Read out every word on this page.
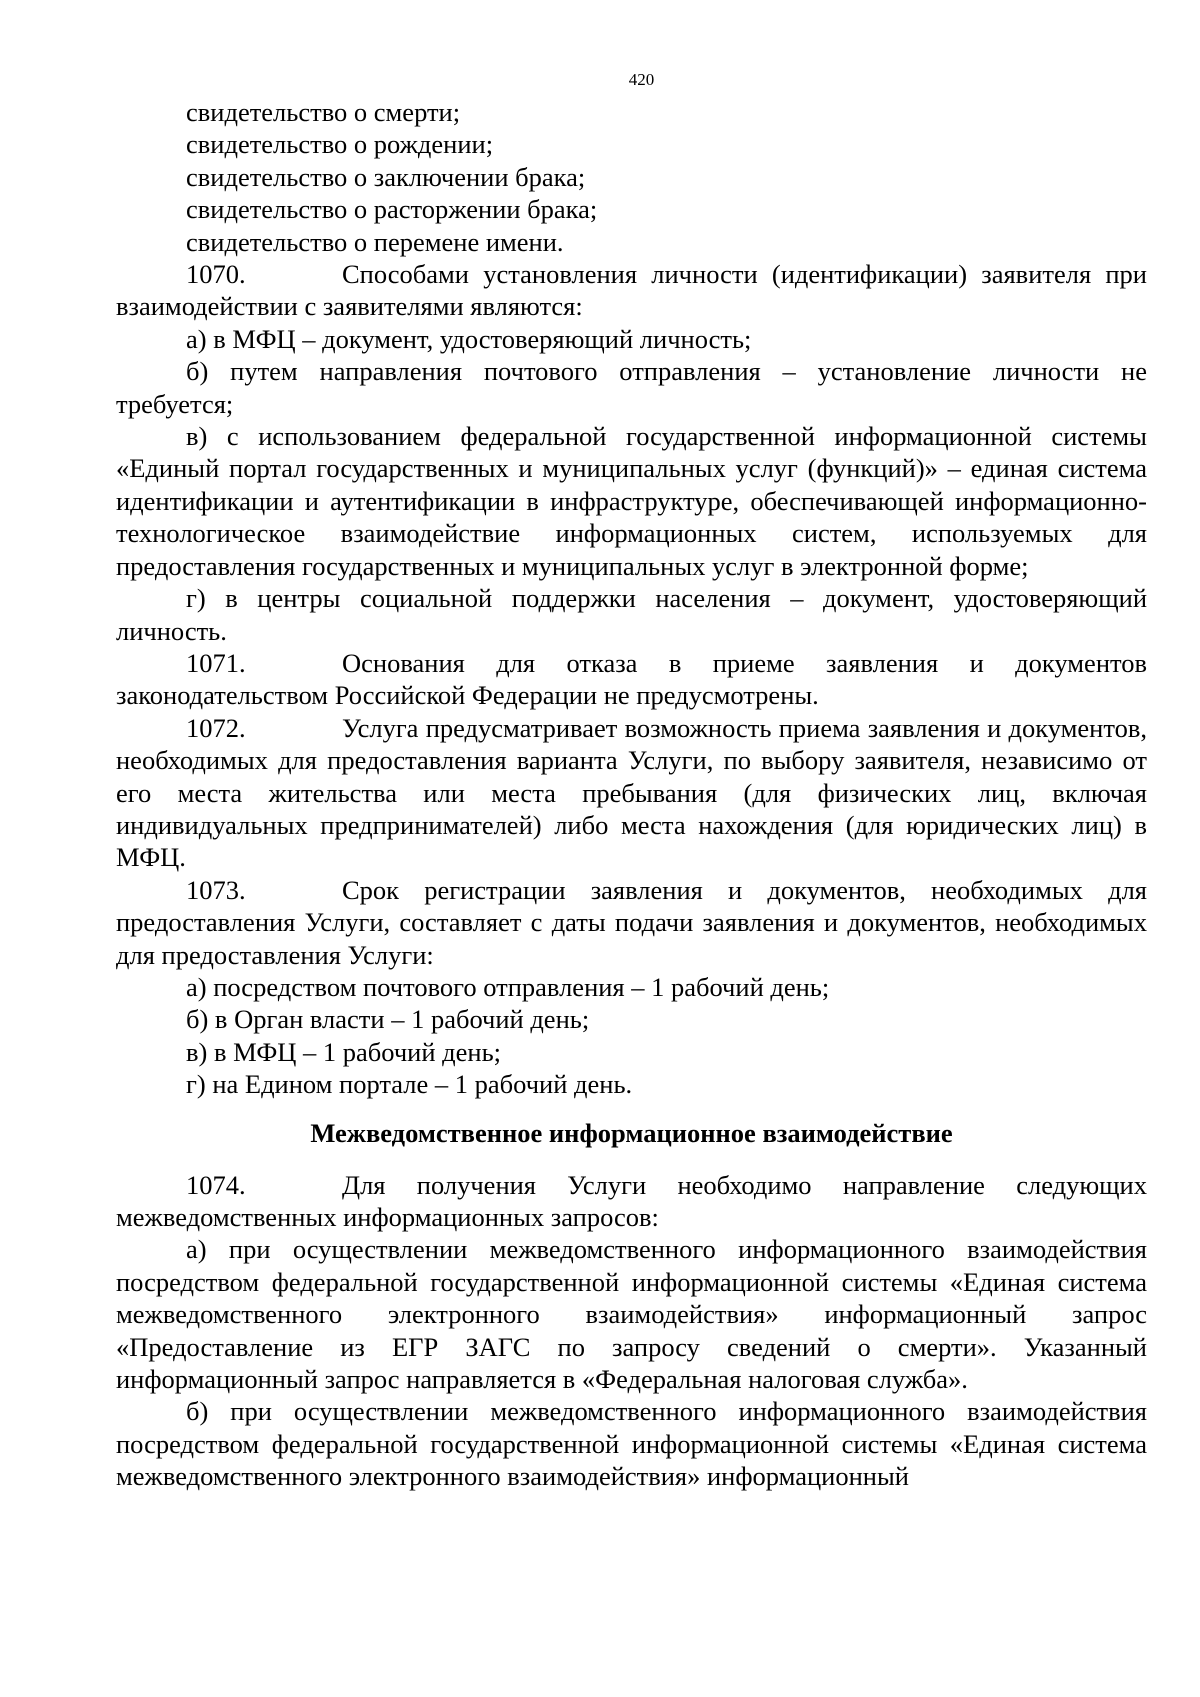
420

свидетельство о смерти;

свидетельство о рождении;

свидетельство о заключении брака;

свидетельство о расторжении брака;

свидетельство о перемене имени.

1070.	Способами установления личности (идентификации) заявителя при взаимодействии с заявителями являются:

а) в МФЦ – документ, удостоверяющий личность;

б) путем направления почтового отправления – установление личности не требуется;

в) с использованием федеральной государственной информационной системы «Единый портал государственных и муниципальных услуг (функций)» – единая система идентификации и аутентификации в инфраструктуре, обеспечивающей информационно-технологическое взаимодействие информационных систем, используемых для предоставления государственных и муниципальных услуг в электронной форме;

г) в центры социальной поддержки населения – документ, удостоверяющий личность.

1071.	Основания для отказа в приеме заявления и документов законодательством Российской Федерации не предусмотрены.

1072.	Услуга предусматривает возможность приема заявления и документов, необходимых для предоставления варианта Услуги, по выбору заявителя, независимо от его места жительства или места пребывания (для физических лиц, включая индивидуальных предпринимателей) либо места нахождения (для юридических лиц) в МФЦ.

1073.	Срок регистрации заявления и документов, необходимых для предоставления Услуги, составляет с даты подачи заявления и документов, необходимых для предоставления Услуги:

а) посредством почтового отправления – 1 рабочий день;

б) в Орган власти – 1 рабочий день;

в) в МФЦ – 1 рабочий день;

г) на Едином портале – 1 рабочий день.

Межведомственное информационное взаимодействие

1074.	Для получения Услуги необходимо направление следующих межведомственных информационных запросов:

а) при осуществлении межведомственного информационного взаимодействия посредством федеральной государственной информационной системы «Единая система межведомственного электронного взаимодействия» информационный запрос «Предоставление из ЕГР ЗАГС по запросу сведений о смерти». Указанный информационный запрос направляется в «Федеральная налоговая служба».

б) при осуществлении межведомственного информационного взаимодействия посредством федеральной государственной информационной системы «Единая система межведомственного электронного взаимодействия» информационный
